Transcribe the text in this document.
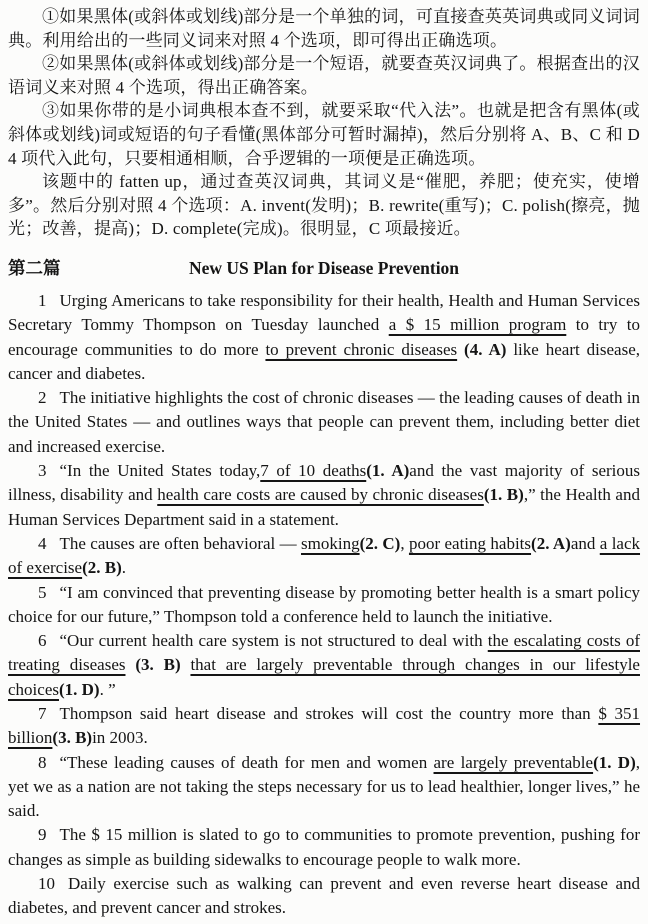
①如果黑体(或斜体或划线)部分是一个单独的词，可直接查英英词典或同义词词典。利用给出的一些同义词来对照 4 个选项，即可得出正确选项。

②如果黑体(或斜体或划线)部分是一个短语，就要查英汉词典了。根据查出的汉语词义来对照 4 个选项，得出正确答案。

③如果你带的是小词典根本查不到，就要采取“代入法”。也就是把含有黑体(或斜体或划线)词或短语的句子看懂(黑体部分可暂时漏掉)，然后分别将 A、B、C 和 D 4 项代入此句，只要相通相顺，合乎逻辑的一项便是正确选项。

该题中的 fatten up，通过查英汉词典，其词义是“催肥，养肥；使充实，使增多”。然后分别对照 4 个选项：A. invent(发明)；B. rewrite(重写)；C. polish(擦亮，抛光；改善，提高)；D. complete(完成)。很明显，C 项最接近。

第二篇	New US Plan for Disease Prevention

1 Urging Americans to take responsibility for their health, Health and Human Services Secretary Tommy Thompson on Tuesday launched a $ 15 million program to try to encourage communities to do more to prevent chronic diseases (4. A) like heart disease, cancer and diabetes.

2 The initiative highlights the cost of chronic diseases — the leading causes of death in the United States — and outlines ways that people can prevent them, including better diet and increased exercise.

3 “In the United States today,7 of 10 deaths(1. A)and the vast majority of serious illness, disability and health care costs are caused by chronic diseases(1. B),” the Health and Human Services Department said in a statement.

4 The causes are often behavioral — smoking(2. C), poor eating habits(2. A)and a lack of exercise(2. B).

5 “I am convinced that preventing disease by promoting better health is a smart policy choice for our future,” Thompson told a conference held to launch the initiative.

6 “Our current health care system is not structured to deal with the escalating costs of treating diseases (3. B) that are largely preventable through changes in our lifestyle choices(1. D). ”

7 Thompson said heart disease and strokes will cost the country more than $ 351 billion(3. B)in 2003.

8 “These leading causes of death for men and women are largely preventable(1. D), yet we as a nation are not taking the steps necessary for us to lead healthier, longer lives,” he said.

9 The $ 15 million is slated to go to communities to promote prevention, pushing for changes as simple as building sidewalks to encourage people to walk more.

10 Daily exercise such as walking can prevent and even reverse heart disease and diabetes, and prevent cancer and strokes.
